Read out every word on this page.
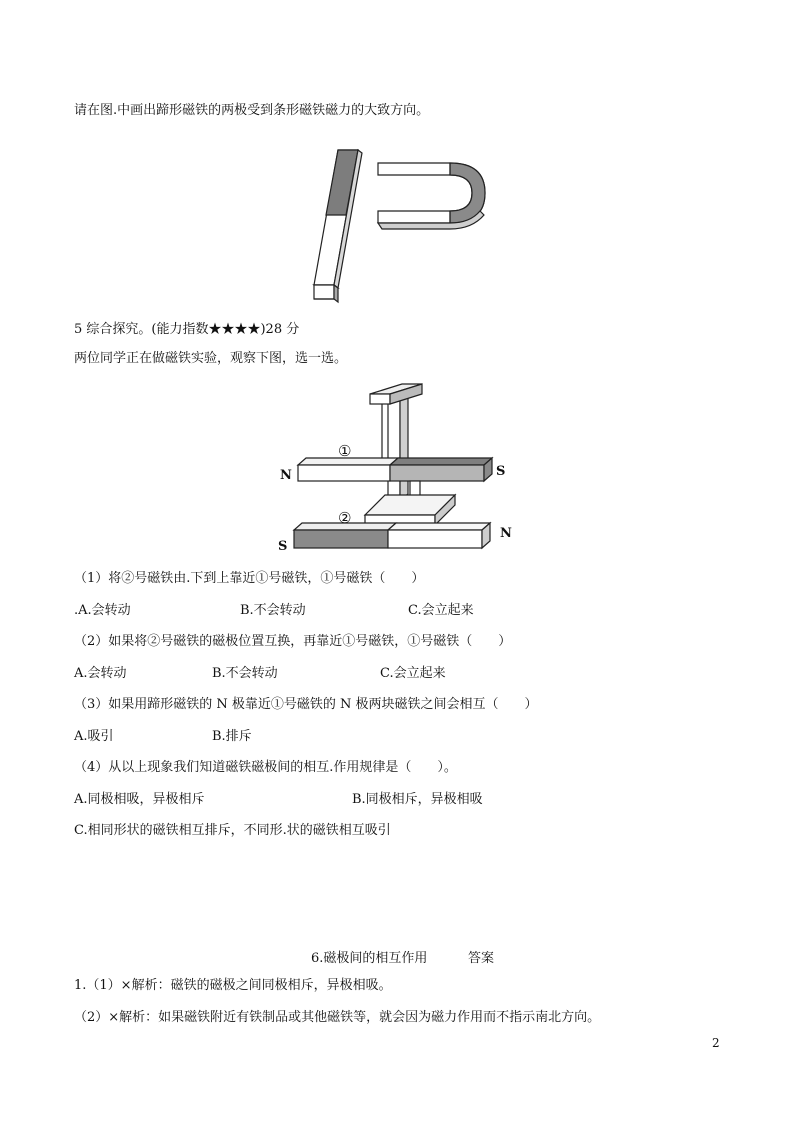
请在图.中画出蹄形磁铁的两极受到条形磁铁磁力的大致方向。
5 综合探究。(能力指数★★★★)28 分
两位同学正在做磁铁实验，观察下图，选一选。
N	S
S
N
①
②
（1）将②号磁铁由.下到上靠近①号磁铁，①号磁铁（　　）
.A.会转动	B.不会转动	C.会立起来
（2）如果将②号磁铁的磁极位置互换，再靠近①号磁铁，①号磁铁（　　）
A.会转动	B.不会转动	C.会立起来
（3）如果用蹄形磁铁的 N 极靠近①号磁铁的 N 极两块磁铁之间会相互（　　）
A.吸引	B.排斥
（4）从以上现象我们知道磁铁磁极间的相互.作用规律是（　　）。
A.同极相吸，异极相斥	B.同极相斥，异极相吸
C.相同形状的磁铁相互排斥，不同形.状的磁铁相互吸引
6.磁极间的相互作用	答案
1.（1）×解析：磁铁的磁极之间同极相斥，异极相吸。
（2）×解析：如果磁铁附近有铁制品或其他磁铁等，就会因为磁力作用而不指示南北方向。
2
